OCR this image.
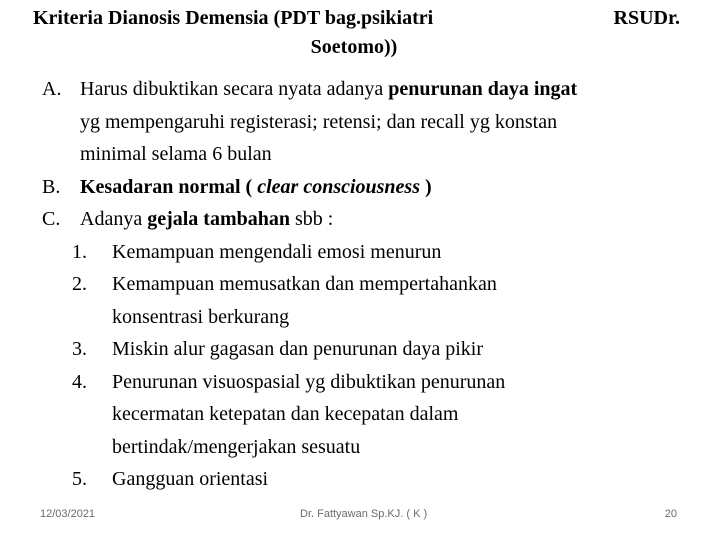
Kriteria Dianosis Demensia (PDT bag.psikiatri	RSUDr.
Soetomo))
A. Harus dibuktikan secara nyata adanya penurunan daya ingat
yg mempengaruhi registerasi; retensi; dan recall yg konstan
minimal selama 6 bulan
B. Kesadaran normal ( clear consciousness )
C. Adanya gejala tambahan sbb :
1.	Kemampuan mengendali emosi menurun
2.	Kemampuan memusatkan dan mempertahankan
konsentrasi berkurang
3.	Miskin alur gagasan dan penurunan daya pikir
4.	Penurunan visuospasial yg dibuktikan penurunan
kecermatan ketepatan dan kecepatan dalam
bertindak/mengerjakan sesuatu
5.	Gangguan orientasi
12/03/2021	Dr. Fattyawan Sp.KJ. ( K )	20
